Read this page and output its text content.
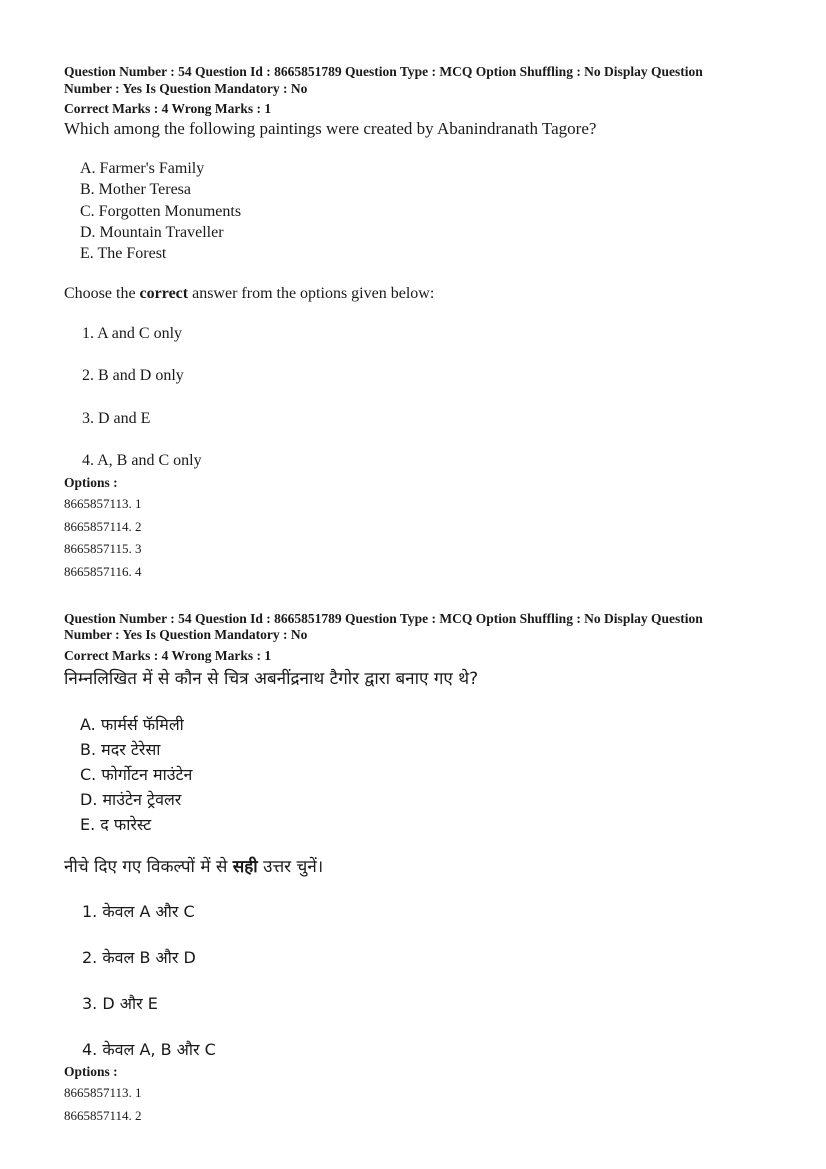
Question Number : 54 Question Id : 8665851789 Question Type : MCQ Option Shuffling : No Display Question
Number : Yes Is Question Mandatory : No
Correct Marks : 4 Wrong Marks : 1
Which among the following paintings were created by Abanindranath Tagore?
A. Farmer's Family
B. Mother Teresa
C. Forgotten Monuments
D. Mountain Traveller
E. The Forest
Choose the correct answer from the options given below:
1. A and C only
2. B and D only
3. D and E
4. A, B and C only
Options :
8665857113. 1
8665857114. 2
8665857115. 3
8665857116. 4
Question Number : 54 Question Id : 8665851789 Question Type : MCQ Option Shuffling : No Display Question
Number : Yes Is Question Mandatory : No
Correct Marks : 4 Wrong Marks : 1
निम्नलिखित में से कौन से चित्र अबनींद्रनाथ टैगोर द्वारा बनाए गए थे?
A. फार्मर्स फॅमिली
B. मदर टेरेसा
C. फोर्गोटन माउंटेन
D. माउंटेन ट्रेवलर
E. द फारेस्ट
नीचे दिए गए विकल्पों में से सही उत्तर चुनें।
1. केवल A और C
2. केवल B और D
3. D और E
4. केवल A, B और C
Options :
8665857113. 1
8665857114. 2
